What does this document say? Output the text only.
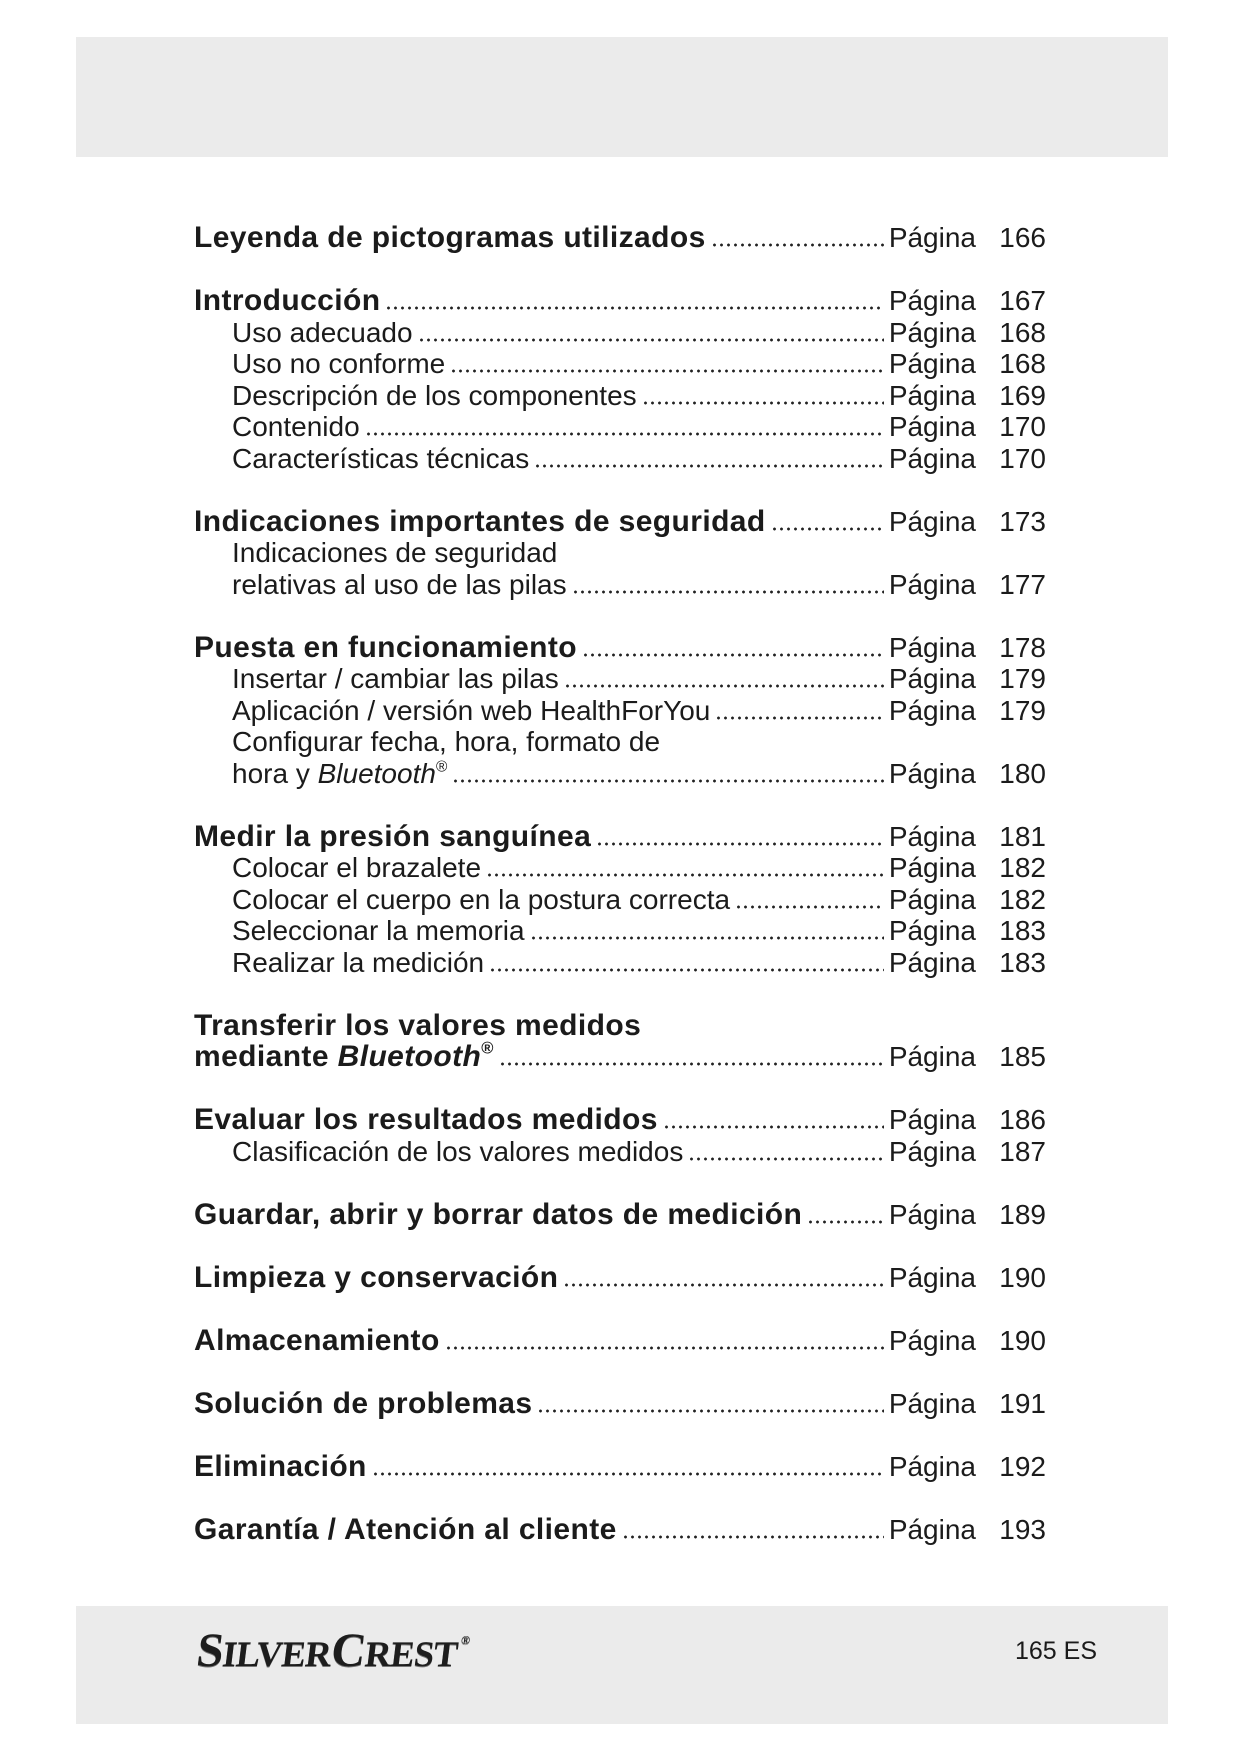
Leyenda de pictogramas utilizados	Página 166
Introducción	Página 167
Uso adecuado	Página 168
Uso no conforme	Página 168
Descripción de los componentes	Página 169
Contenido	Página 170
Características técnicas	Página 170
Indicaciones importantes de seguridad	Página 173
Indicaciones de seguridad
relativas al uso de las pilas	Página 177
Puesta en funcionamiento	Página 178
Insertar / cambiar las pilas	Página 179
Aplicación / versión web HealthForYou	Página 179
Configurar fecha, hora, formato de
hora y Bluetooth®	Página 180
Medir la presión sanguínea	Página 181
Colocar el brazalete	Página 182
Colocar el cuerpo en la postura correcta	Página 182
Seleccionar la memoria	Página 183
Realizar la medición	Página 183
Transferir los valores medidos
mediante Bluetooth®	Página 185
Evaluar los resultados medidos	Página 186
Clasificación de los valores medidos	Página 187
Guardar, abrir y borrar datos de medición	Página 189
Limpieza y conservación	Página 190
Almacenamiento	Página 190
Solución de problemas	Página 191
Eliminación	Página 192
Garantía / Atención al cliente	Página 193
SILVERCREST®	165 ES
